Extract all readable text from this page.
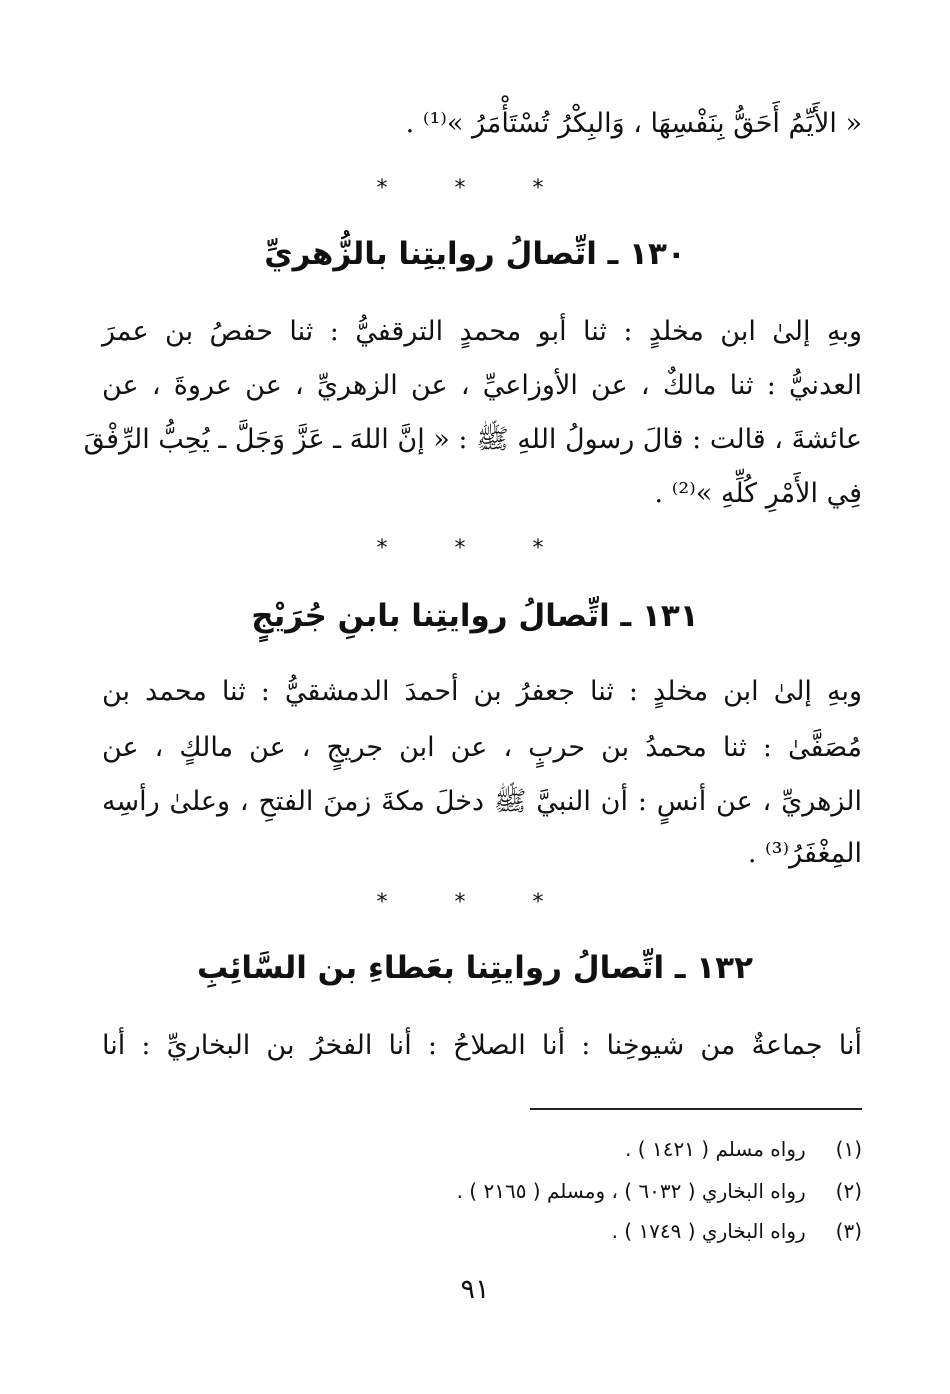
« الأَيِّمُ أَحَقُّ بِنَفْسِهَا ، وَالبِكْرُ تُسْتَأْمَرُ »⁽¹⁾ .
* * *
١٣٠ ـ اتِّصالُ روايتِنا بالزُّهريِّ
وبهِ إلىٰ ابن مخلدٍ : ثنا أبو محمدٍ الترقفيُّ : ثنا حفصُ بن عمرَ
العدنيُّ : ثنا مالكٌ ، عن الأوزاعيِّ ، عن الزهريِّ ، عن عروةَ ، عن
عائشةَ ، قالت : قالَ رسولُ اللهِ ﷺ : « إنَّ اللهَ ـ عَزَّ وَجَلَّ ـ يُحِبُّ الرِّفْقَ
فِي الأَمْرِ كُلِّهِ »⁽²⁾ .
* * *
١٣١ ـ اتِّصالُ روايتِنا بابنِ جُرَيْجٍ
وبهِ إلىٰ ابن مخلدٍ : ثنا جعفرُ بن أحمدَ الدمشقيُّ : ثنا محمد بن
مُصَفَّىٰ : ثنا محمدُ بن حربٍ ، عن ابن جريجٍ ، عن مالكٍ ، عن
الزهريِّ ، عن أنسٍ : أن النبيَّ ﷺ دخلَ مكةَ زمنَ الفتحِ ، وعلىٰ رأسِه
المِغْفَرُ⁽³⁾ .
* * *
١٣٢ ـ اتِّصالُ روايتِنا بعَطاءِ بن السَّائِبِ
أنا جماعةٌ من شيوخِنا : أنا الصلاحُ : أنا الفخرُ بن البخاريِّ : أنا
(١) رواه مسلم ( ١٤٢١ ) .
(٢) رواه البخاري ( ٦٠٣٢ ) ، ومسلم ( ٢١٦٥ ) .
(٣) رواه البخاري ( ١٧٤٩ ) .
٩١
